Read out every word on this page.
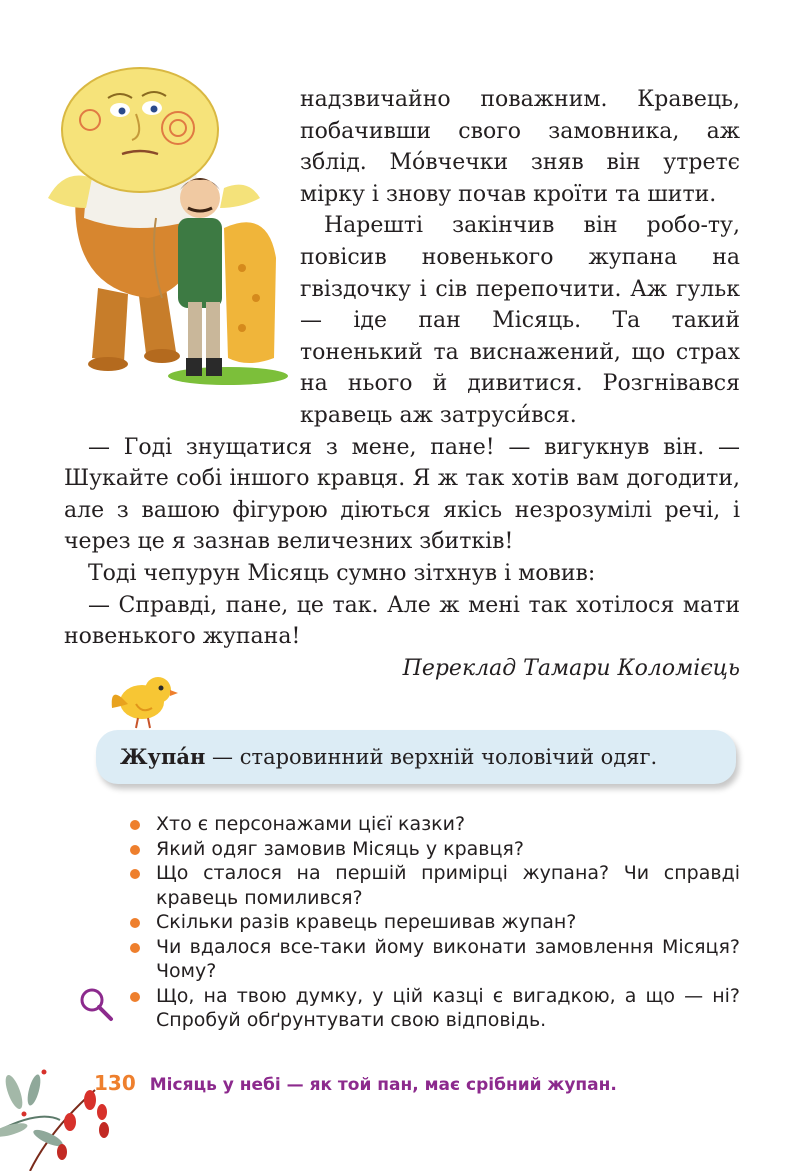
надзвичайно поважним. Кравець, побачивши свого замовника, аж зблід. Мо́вчечки зняв він утретє мірку і знову почав кроїти та шити.

Нарешті закінчив він робо-ту, повісив новенького жупана на гвіздочку і сів перепочити. Аж гульк — іде пан Місяць. Та такий тоненький та виснажений, що страх на нього й дивитися. Розгнівався кравець аж затруси́вся.

— Годі знущатися з мене, пане! — вигукнув він. — Шукайте собі іншого кравця. Я ж так хотів вам догодити, але з вашою фігурою діються якісь незрозумілі речі, і через це я зазнав величезних збитків!

Тоді чепурун Місяць сумно зітхнув і мовив:

— Справді, пане, це так. Але ж мені так хотілося мати новенького жупана!

Переклад Тамари Коломієць

Жупа́н — старовинний верхній чоловічий одяг.
Хто є персонажами цієї казки?
Який одяг замовив Місяць у кравця?
Що сталося на першій примірці жупана? Чи справді кравець помилився?
Скільки разів кравець перешивав жупан?
Чи вдалося все-таки йому виконати замовлення Місяця? Чому?
Що, на твою думку, у цій казці є вигадкою, а що — ні? Спробуй обґрунтувати свою відповідь.
130 Місяць у небі — як той пан, має срібний жупан.
